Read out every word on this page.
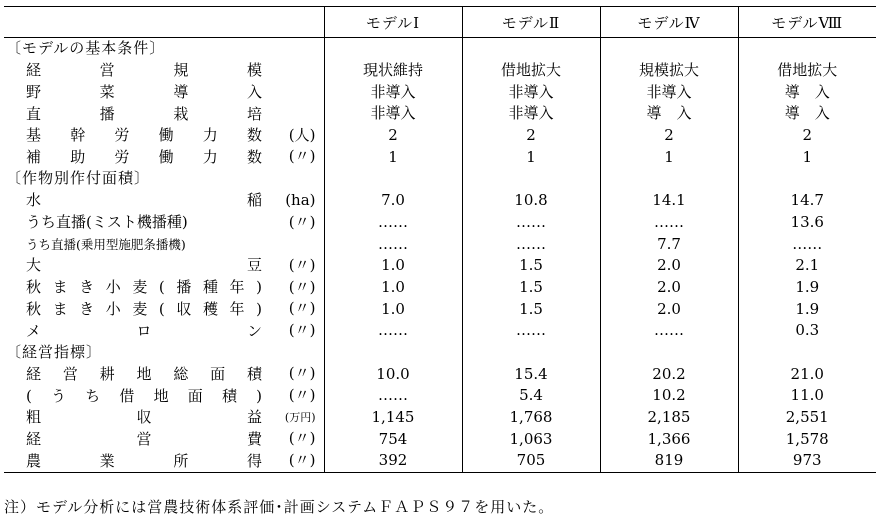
	モデルⅠ	モデルⅡ	モデルⅣ	モデルⅧ
〔モデルの基本条件〕				
経営規模	現状維持	借地拡大	規模拡大	借地拡大
野菜導入	非導入	非導入	非導入	導　入
直播栽培	非導入	非導入	導　入	導　入
基幹労働力数 (人)	2	2	2	2
補助労働力数 (〃)	1	1	1	1
〔作物別作付面積〕				
水稲 (ha)	7.0	10.8	14.1	14.7
うち直播(ミスト機播種) (〃)	……	……	……	13.6
うち直播(乗用型施肥条播機)	……	……	7.7	……
大豆 (〃)	1.0	1.5	2.0	2.1
秋まき小麦(播種年) (〃)	1.0	1.5	2.0	1.9
秋まき小麦(収穫年) (〃)	1.0	1.5	2.0	1.9
メロン (〃)	……	……	……	0.3
〔経営指標〕				
経営耕地総面積 (〃)	10.0	15.4	20.2	21.0
(うち借地面積) (〃)	……	5.4	10.2	11.0
粗収益 (万円)	1,145	1,768	2,185	2,551
経営費 (〃)	754	1,063	1,366	1,578
農業所得 (〃)	392	705	819	973
注）モデル分析には営農技術体系評価･計画システムＦＡＰＳ９７を用いた。
